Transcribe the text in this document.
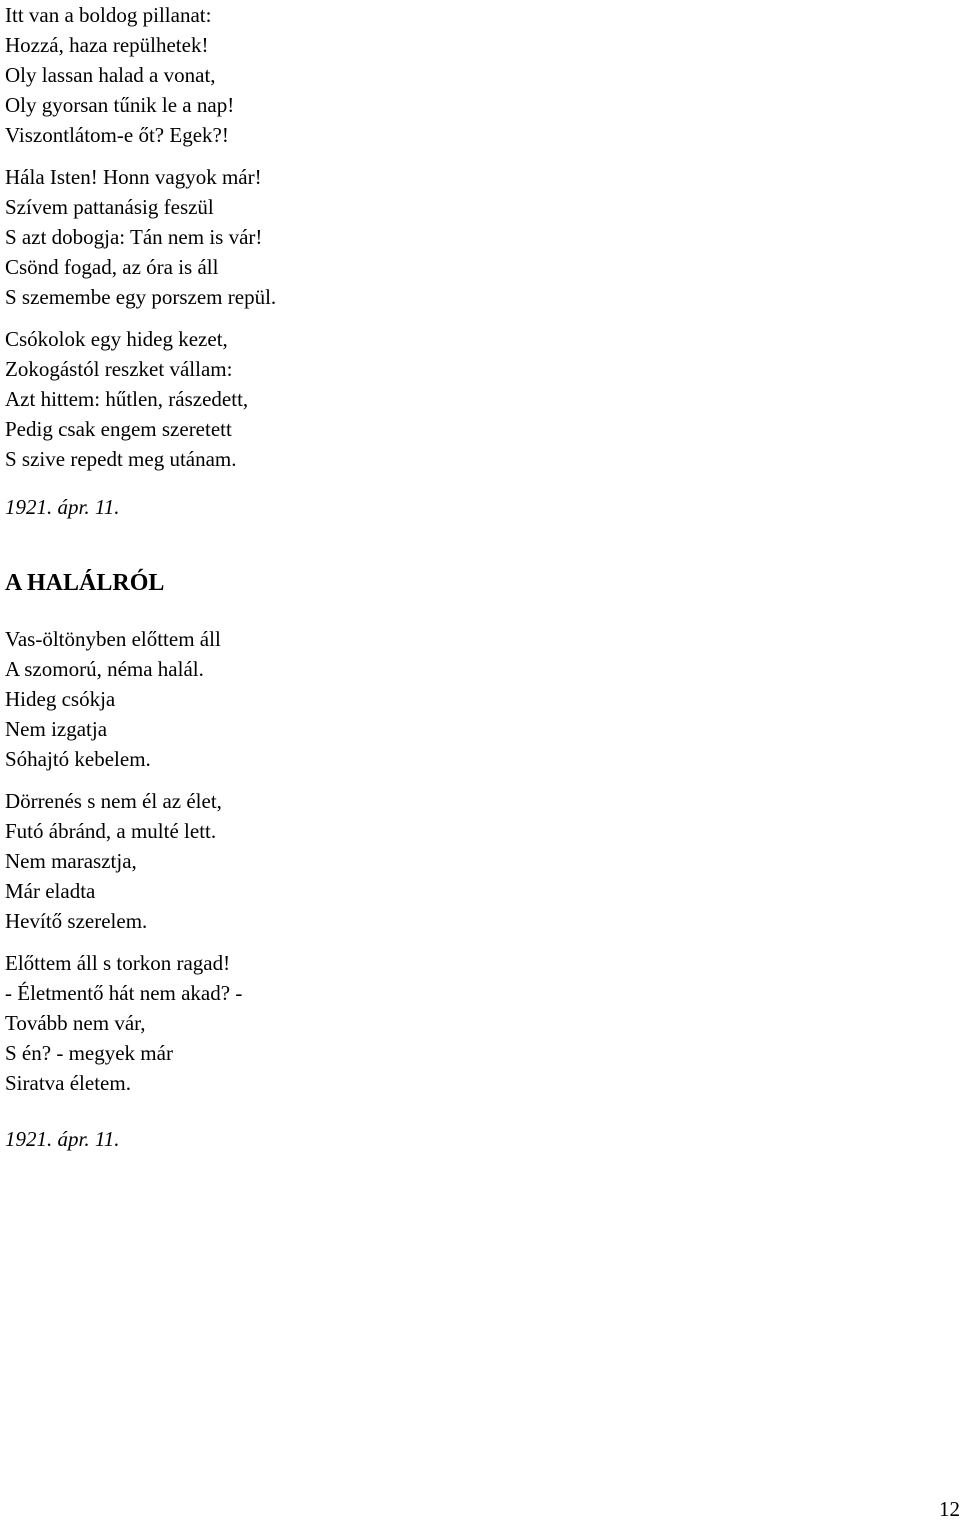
Itt van a boldog pillanat:
Hozzá, haza repülhetek!
Oly lassan halad a vonat,
Oly gyorsan tűnik le a nap!
Viszontlátom-e őt? Egek?!
Hála Isten! Honn vagyok már!
Szívem pattanásig feszül
S azt dobogja: Tán nem is vár!
Csönd fogad, az óra is áll
S szemembe egy porszem repül.
Csókolok egy hideg kezet,
Zokogástól reszket vállam:
Azt hittem: hűtlen, rászedett,
Pedig csak engem szeretett
S szive repedt meg utánam.
1921. ápr. 11.
A HALÁLRÓL
Vas-öltönyben előttem áll
A szomorú, néma halál.
Hideg csókja
Nem izgatja
Sóhajtó kebelem.
Dörrenés s nem él az élet,
Futó ábránd, a multé lett.
Nem marasztja,
Már eladta
Hevítő szerelem.
Előttem áll s torkon ragad!
- Életmentő hát nem akad? -
Tovább nem vár,
S én? - megyek már
Siratva életem.
1921. ápr. 11.
12
